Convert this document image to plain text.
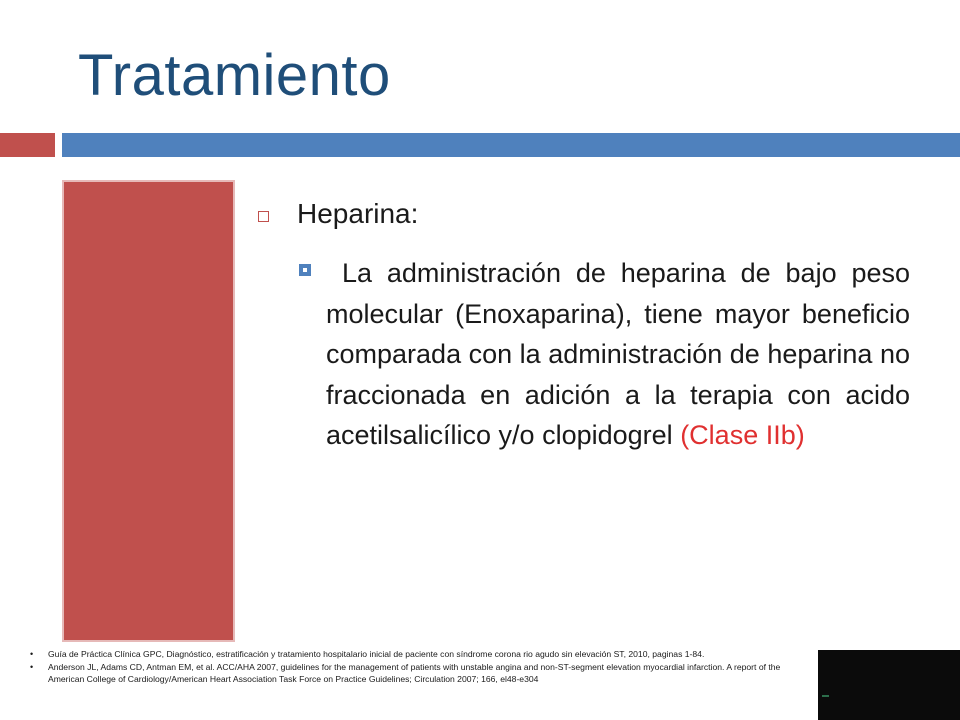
Tratamiento
Heparina:
La administración de heparina de bajo peso molecular (Enoxaparina), tiene mayor beneficio comparada con la administración de heparina no fraccionada en adición a la terapia con acido acetilsalicílico y/o clopidogrel (Clase IIb)
• Guía de Práctica Clínica GPC, Diagnóstico, estratificación y tratamiento hospitalario inicial de paciente con síndrome corona rio agudo sin elevación ST, 2010, paginas 1-84.
• Anderson JL, Adams CD, Antman EM, et al. ACC/AHA 2007, guidelines for the management of patients with unstable angina and non-ST-segment elevation myocardial infarction. A report of the American College of Cardiology/American Heart Association Task Force on Practice Guidelines; Circulation 2007; 166, el48-e304
